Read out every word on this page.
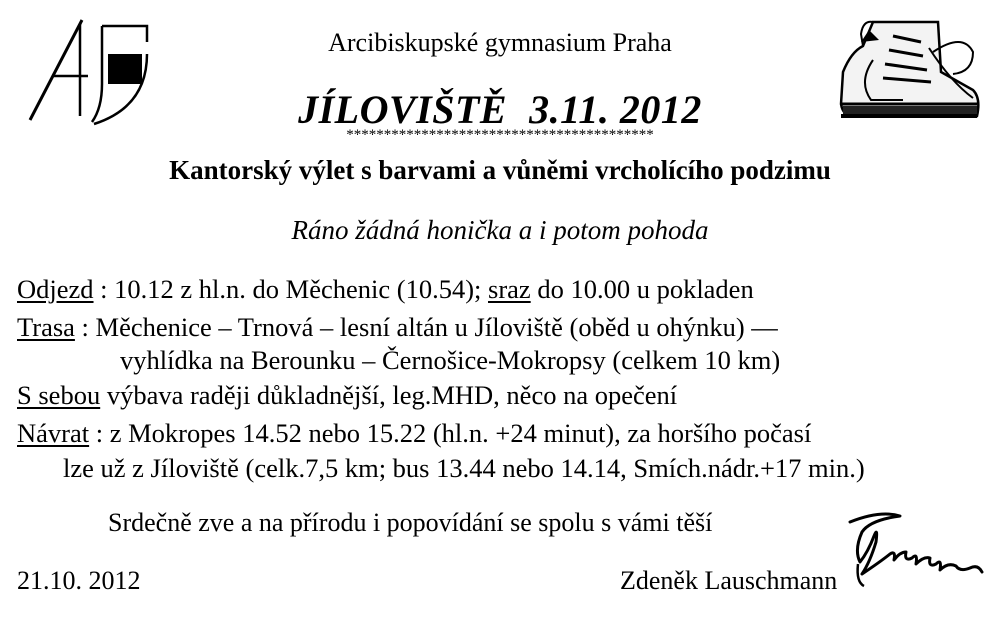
Arcibiskupské gymnasium Praha
JÍLOVIŠTĚ 3.11. 2012
*****************************************
Kantorský výlet s barvami a vůněmi vrcholícího podzimu
Ráno žádná honička a i potom pohoda
Odjezd : 10.12 z hl.n. do Měchenic (10.54); sraz do 10.00 u pokladen
Trasa : Měchenice – Trnová – lesní altán u Jíloviště (oběd u ohýnku) —
vyhlídka na Berounku – Černošice-Mokropsy (celkem 10 km)
S sebou výbava raději důkladnější, leg.MHD, něco na opečení
Návrat : z Mokropes 14.52 nebo 15.22 (hl.n. +24 minut), za horšího počasí
lze už z Jíloviště (celk.7,5 km; bus 13.44 nebo 14.14, Smích.nádr.+17 min.)
Srdečně zve a na přírodu i popovídání se spolu s vámi těší
21.10. 2012	Zdeněk Lauschmann
